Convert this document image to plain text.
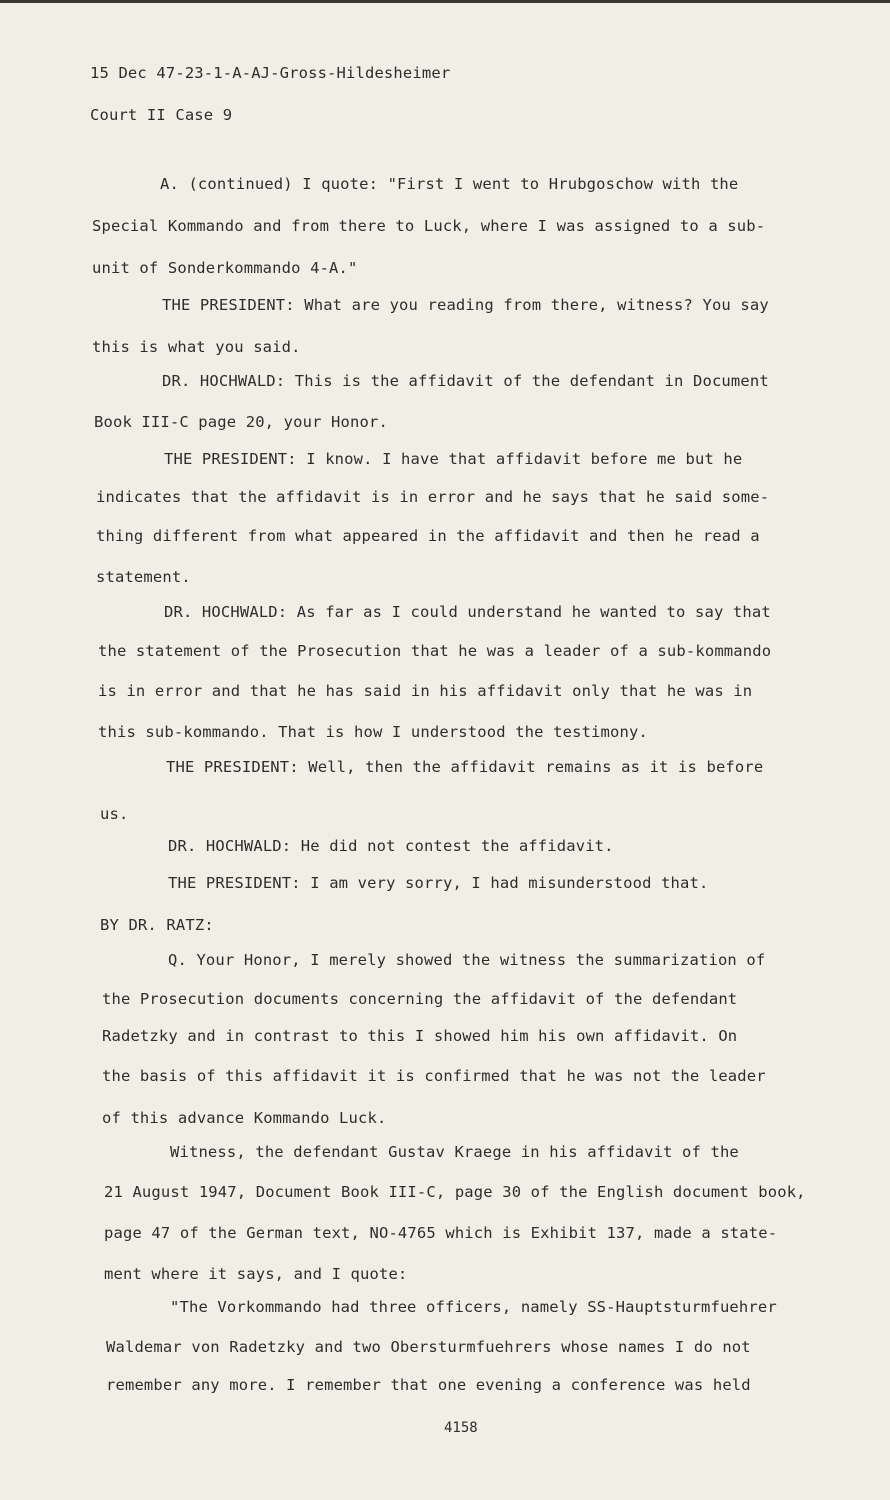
15 Dec 47-23-1-A-AJ-Gross-Hildesheimer
Court II Case 9
A. (continued) I quote: "First I went to Hrubgoschow with the
Special Kommando and from there to Luck, where I was assigned to a sub-
unit of Sonderkommando 4-A."
THE PRESIDENT: What are you reading from there, witness? You say
this is what you said.
DR. HOCHWALD: This is the affidavit of the defendant in Document
Book III-C page 20, your Honor.
THE PRESIDENT: I know. I have that affidavit before me but he
indicates that the affidavit is in error and he says that he said some-
thing different from what appeared in the affidavit and then he read a
statement.
DR. HOCHWALD: As far as I could understand he wanted to say that
the statement of the Prosecution that he was a leader of a sub-kommando
is in error and that he has said in his affidavit only that he was in
this sub-kommando. That is how I understood the testimony.
THE PRESIDENT: Well, then the affidavit remains as it is before
us.
DR. HOCHWALD: He did not contest the affidavit.
THE PRESIDENT: I am very sorry, I had misunderstood that.
BY DR. RATZ:
Q. Your Honor, I merely showed the witness the summarization of
the Prosecution documents concerning the affidavit of the defendant
Radetzky and in contrast to this I showed him his own affidavit. On
the basis of this affidavit it is confirmed that he was not the leader
of this advance Kommando Luck.
Witness, the defendant Gustav Kraege in his affidavit of the
21 August 1947, Document Book III-C, page 30 of the English document book,
page 47 of the German text, NO-4765 which is Exhibit 137, made a state-
ment where it says, and I quote:
"The Vorkommando had three officers, namely SS-Hauptsturmfuehrer
Waldemar von Radetzky and two Obersturmfuehrers whose names I do not
remember any more. I remember that one evening a conference was held
4158
